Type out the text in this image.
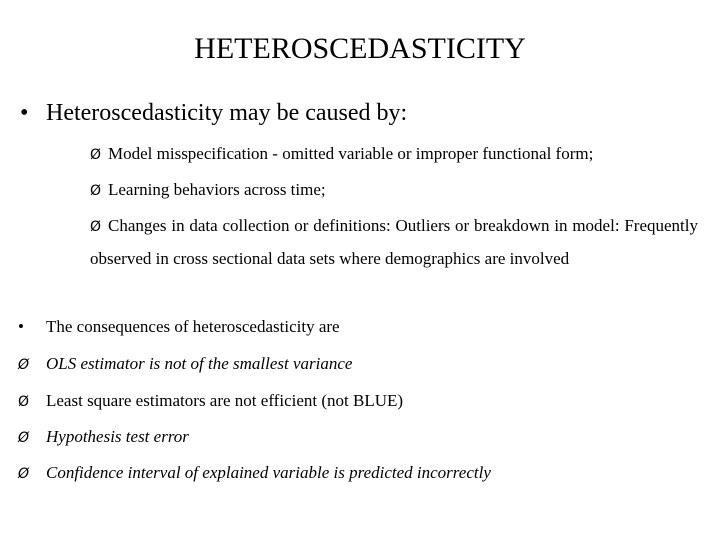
HETEROSCEDASTICITY
• Heteroscedasticity may be caused by:
Ø Model misspecification - omitted variable or improper functional form;
Ø Learning behaviors across time;
Ø Changes in data collection or definitions: Outliers or breakdown in model: Frequently observed in cross sectional data sets where demographics are involved
• The consequences of heteroscedasticity are
Ø OLS estimator is not of the smallest variance
Ø Least square estimators are not efficient (not BLUE)
Ø Hypothesis test error
Ø Confidence interval of explained variable is predicted incorrectly
